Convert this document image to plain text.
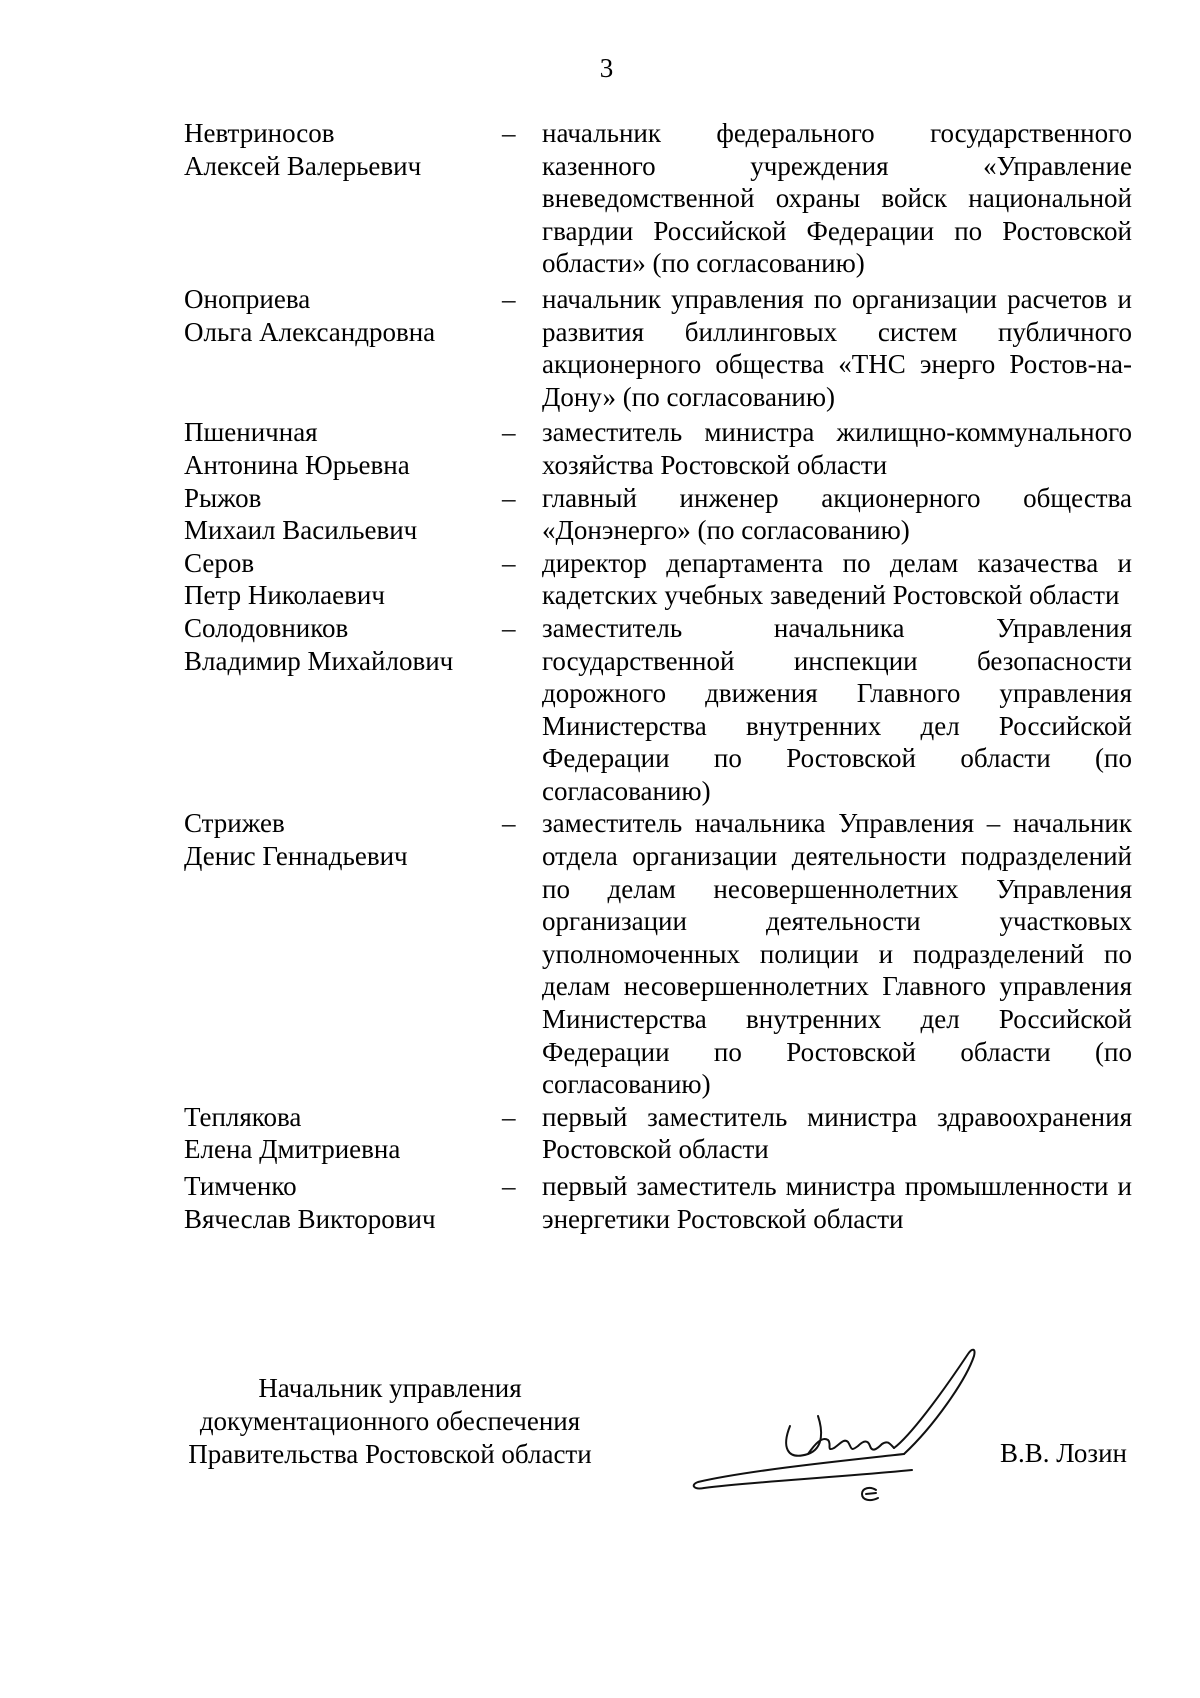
3
Невтриносов
Алексей Валерьевич
– начальник федерального государственного казенного учреждения «Управление вневедомственной охраны войск национальной гвардии Российской Федерации по Ростовской области» (по согласованию)
Оноприева
Ольга Александровна
– начальник управления по организации расчетов и развития биллинговых систем публичного акционерного общества «ТНС энерго Ростов-на-Дону» (по согласованию)
Пшеничная
Антонина Юрьевна
– заместитель министра жилищно-коммунального хозяйства Ростовской области
Рыжов
Михаил Васильевич
– главный инженер акционерного общества «Донэнерго» (по согласованию)
Серов
Петр Николаевич
– директор департамента по делам казачества и кадетских учебных заведений Ростовской области
Солодовников
Владимир Михайлович
– заместитель начальника Управления государственной инспекции безопасности дорожного движения Главного управления Министерства внутренних дел Российской Федерации по Ростовской области (по согласованию)
Стрижев
Денис Геннадьевич
– заместитель начальника Управления – начальник отдела организации деятельности подразделений по делам несовершеннолетних Управления организации деятельности участковых уполномоченных полиции и подразделений по делам несовершеннолетних Главного управления Министерства внутренних дел Российской Федерации по Ростовской области (по согласованию)
Теплякова
Елена Дмитриевна
– первый заместитель министра здравоохранения Ростовской области
Тимченко
Вячеслав Викторович
– первый заместитель министра промышленности и энергетики Ростовской области
Начальник управления
документационного обеспечения
Правительства Ростовской области	В.В. Лозин
